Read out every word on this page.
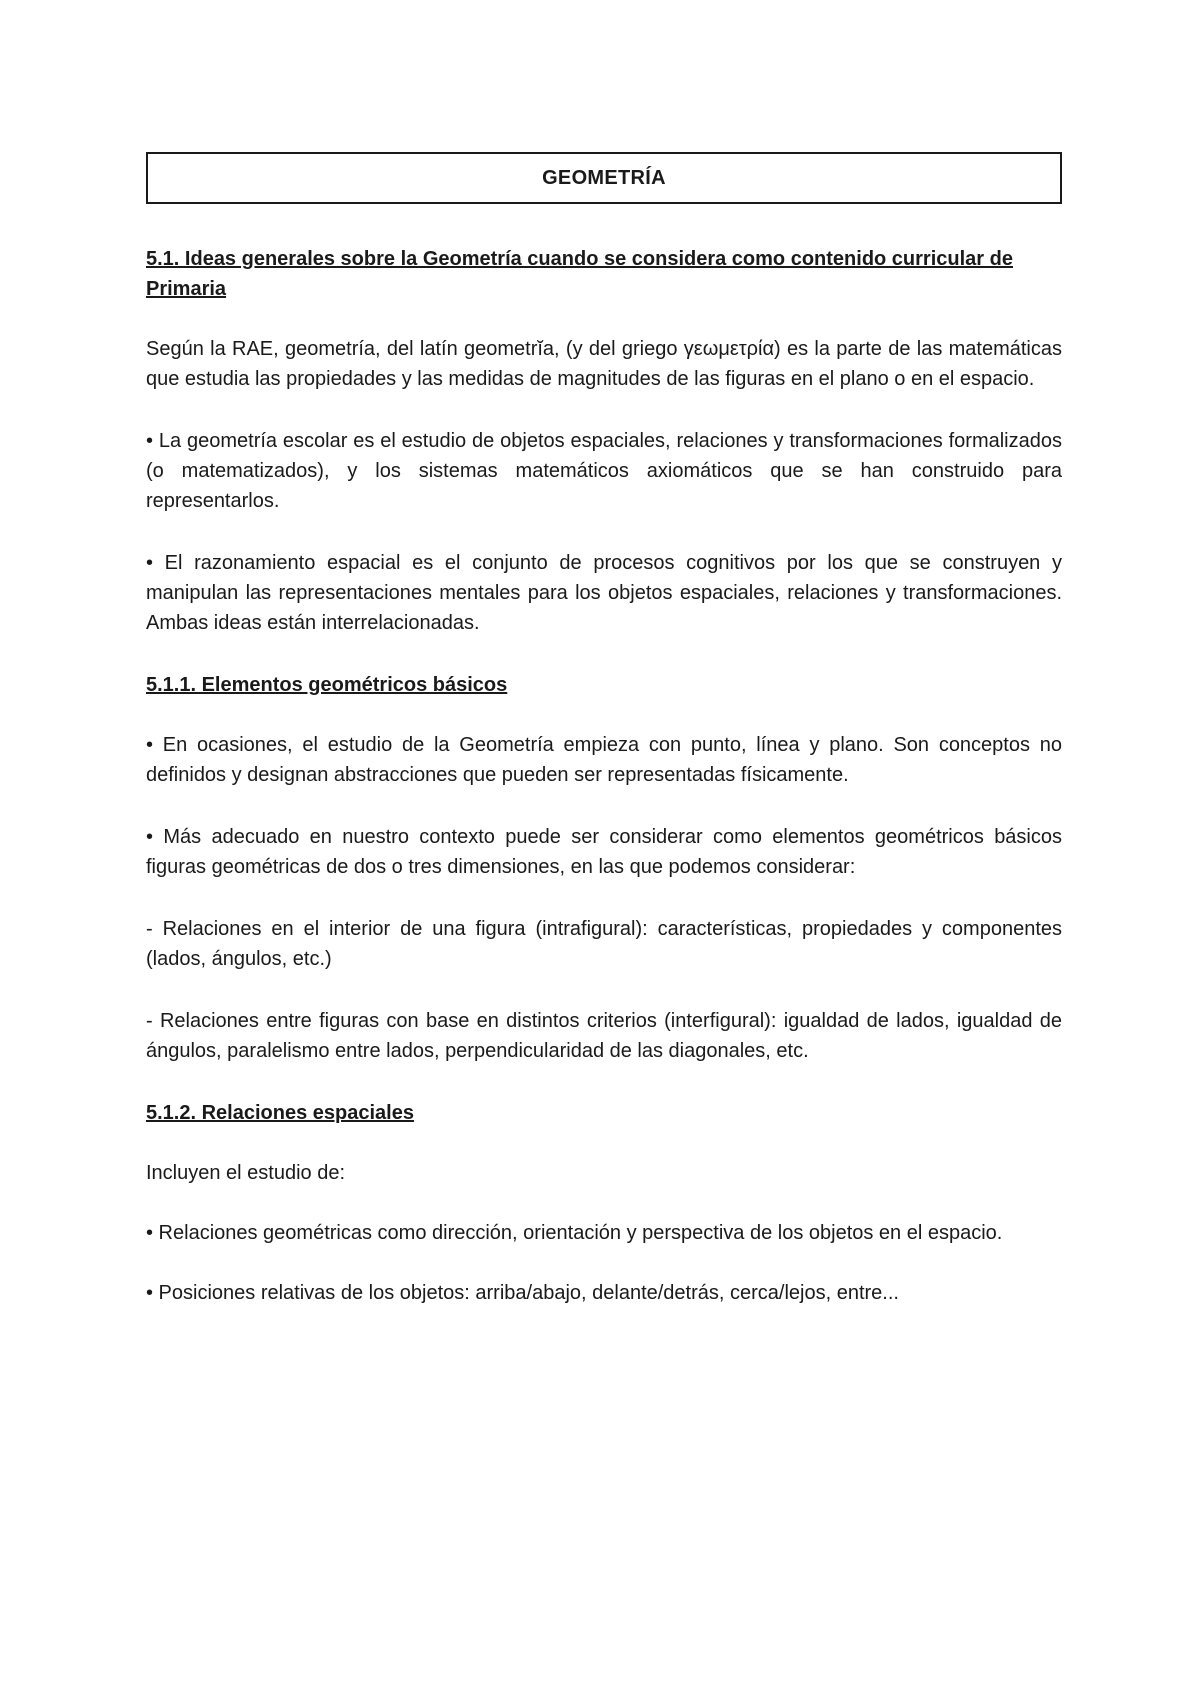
GEOMETRÍA
5.1. Ideas generales sobre la Geometría cuando se considera como contenido curricular de Primaria

Según la RAE, geometría, del latín geometrĭa, (y del griego γεωμετρία) es la parte de las matemáticas que estudia las propiedades y las medidas de magnitudes de las figuras en el plano o en el espacio.

• La geometría escolar es el estudio de objetos espaciales, relaciones y transformaciones formalizados (o matematizados), y los sistemas matemáticos axiomáticos que se han construido para representarlos.

• El razonamiento espacial es el conjunto de procesos cognitivos por los que se construyen y manipulan las representaciones mentales para los objetos espaciales, relaciones y transformaciones. Ambas ideas están interrelacionadas.

5.1.1. Elementos geométricos básicos

• En ocasiones, el estudio de la Geometría empieza con punto, línea y plano. Son conceptos no definidos y designan abstracciones que pueden ser representadas físicamente.

• Más adecuado en nuestro contexto puede ser considerar como elementos geométricos básicos figuras geométricas de dos o tres dimensiones, en las que podemos considerar:

- Relaciones en el interior de una figura (intrafigural): características, propiedades y componentes (lados, ángulos, etc.)

- Relaciones entre figuras con base en distintos criterios (interfigural): igualdad de lados, igualdad de ángulos, paralelismo entre lados, perpendicularidad de las diagonales, etc.

5.1.2. Relaciones espaciales

Incluyen el estudio de:

• Relaciones geométricas como dirección, orientación y perspectiva de los objetos en el espacio.

• Posiciones relativas de los objetos: arriba/abajo, delante/detrás, cerca/lejos, entre...
